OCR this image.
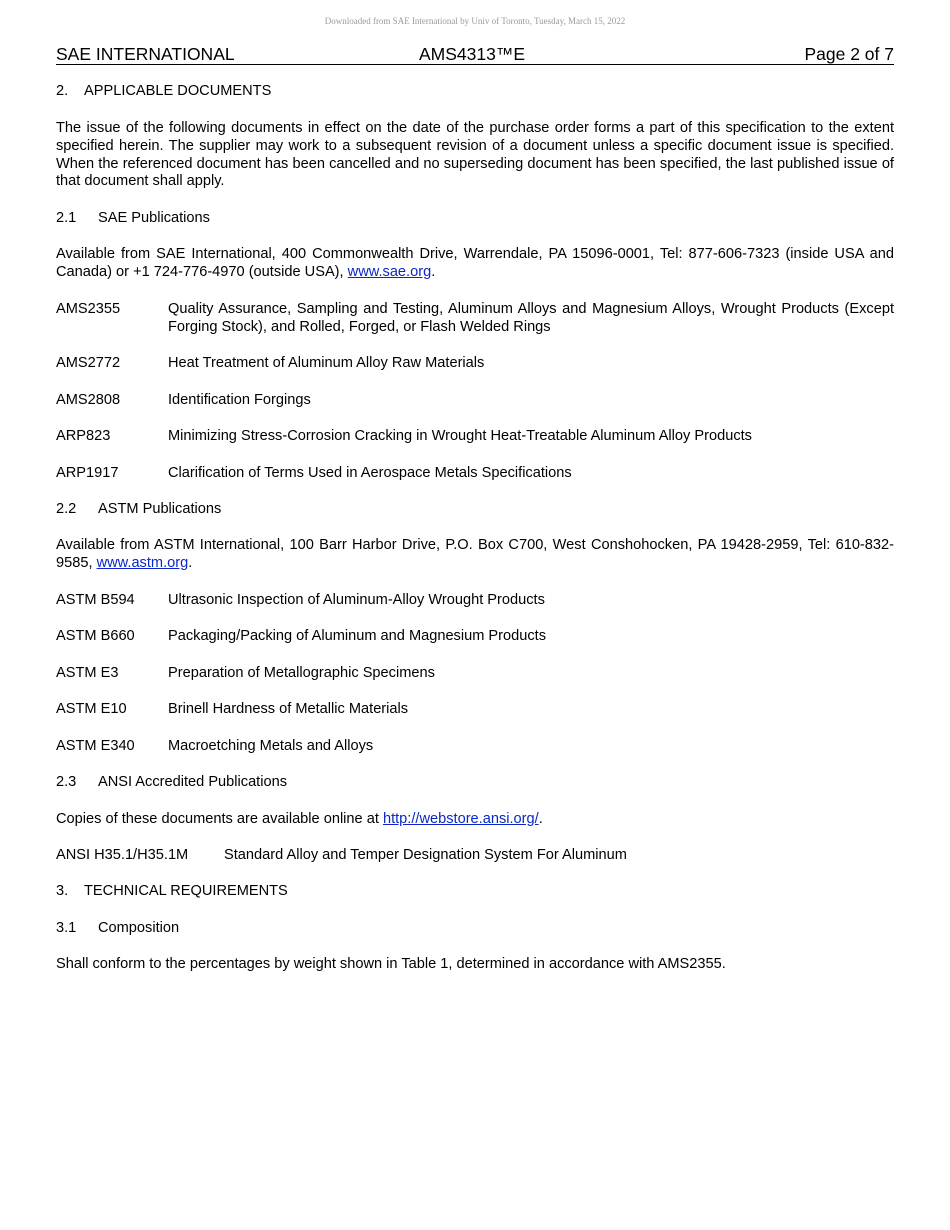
Downloaded from SAE International by Univ of Toronto, Tuesday, March 15, 2022
SAE INTERNATIONAL	AMS4313™E	Page 2 of 7
2. APPLICABLE DOCUMENTS
The issue of the following documents in effect on the date of the purchase order forms a part of this specification to the extent specified herein. The supplier may work to a subsequent revision of a document unless a specific document issue is specified. When the referenced document has been cancelled and no superseding document has been specified, the last published issue of that document shall apply.
2.1 SAE Publications
Available from SAE International, 400 Commonwealth Drive, Warrendale, PA 15096-0001, Tel: 877-606-7323 (inside USA and Canada) or +1 724-776-4970 (outside USA), www.sae.org.
AMS2355	Quality Assurance, Sampling and Testing, Aluminum Alloys and Magnesium Alloys, Wrought Products (Except Forging Stock), and Rolled, Forged, or Flash Welded Rings
AMS2772	Heat Treatment of Aluminum Alloy Raw Materials
AMS2808	Identification Forgings
ARP823	Minimizing Stress-Corrosion Cracking in Wrought Heat-Treatable Aluminum Alloy Products
ARP1917	Clarification of Terms Used in Aerospace Metals Specifications
2.2 ASTM Publications
Available from ASTM International, 100 Barr Harbor Drive, P.O. Box C700, West Conshohocken, PA 19428-2959, Tel: 610-832-9585, www.astm.org.
ASTM B594 Ultrasonic Inspection of Aluminum-Alloy Wrought Products
ASTM B660 Packaging/Packing of Aluminum and Magnesium Products
ASTM E3	Preparation of Metallographic Specimens
ASTM E10	Brinell Hardness of Metallic Materials
ASTM E340 Macroetching Metals and Alloys
2.3 ANSI Accredited Publications
Copies of these documents are available online at http://webstore.ansi.org/.
ANSI H35.1/H35.1M Standard Alloy and Temper Designation System For Aluminum
3. TECHNICAL REQUIREMENTS
3.1 Composition
Shall conform to the percentages by weight shown in Table 1, determined in accordance with AMS2355.
